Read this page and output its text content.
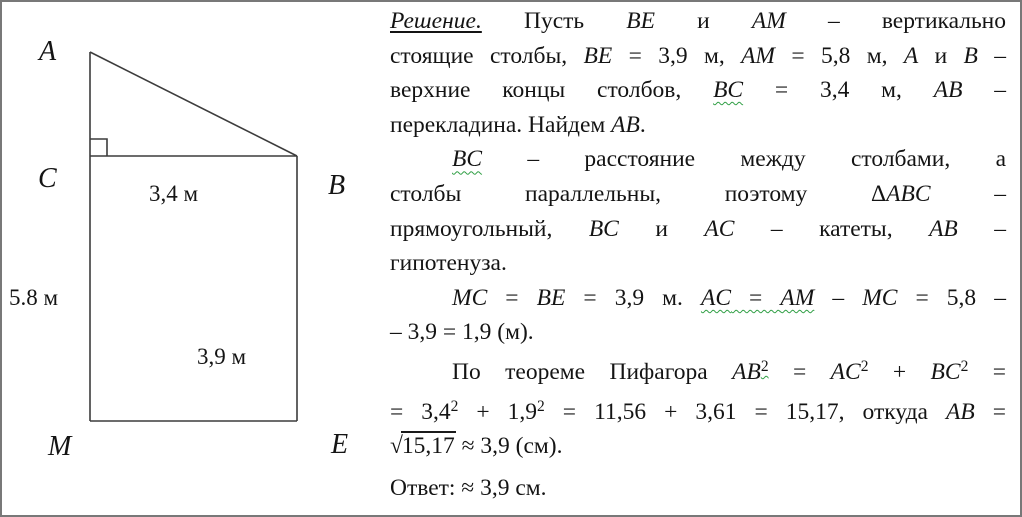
A
C	B
M	E
3,4 м
5.8 м
3,9 м
Решение. Пусть BE и AM – вертикально
стоящие столбы, BE = 3,9 м, AM = 5,8 м, A и B –
верхние концы столбов, BC = 3,4 м, AB –
перекладина. Найдем AB.
BC – расстояние между столбами, а
столбы параллельны, поэтому ΔABC –
прямоугольный, BC и AC – катеты, AB –
гипотенуза.
MC = BE = 3,9 м. AC = AM – MC = 5,8 –
– 3,9 = 1,9 (м).
По теореме Пифагора $AB^2 = AC^2 + BC^2$ =
= $3,4^2 + 1,9^2 = 11,56 + 3,61 = 15,17$, откуда AB =
√15,17 ≈ 3,9 (см).
Ответ: ≈ 3,9 см.
